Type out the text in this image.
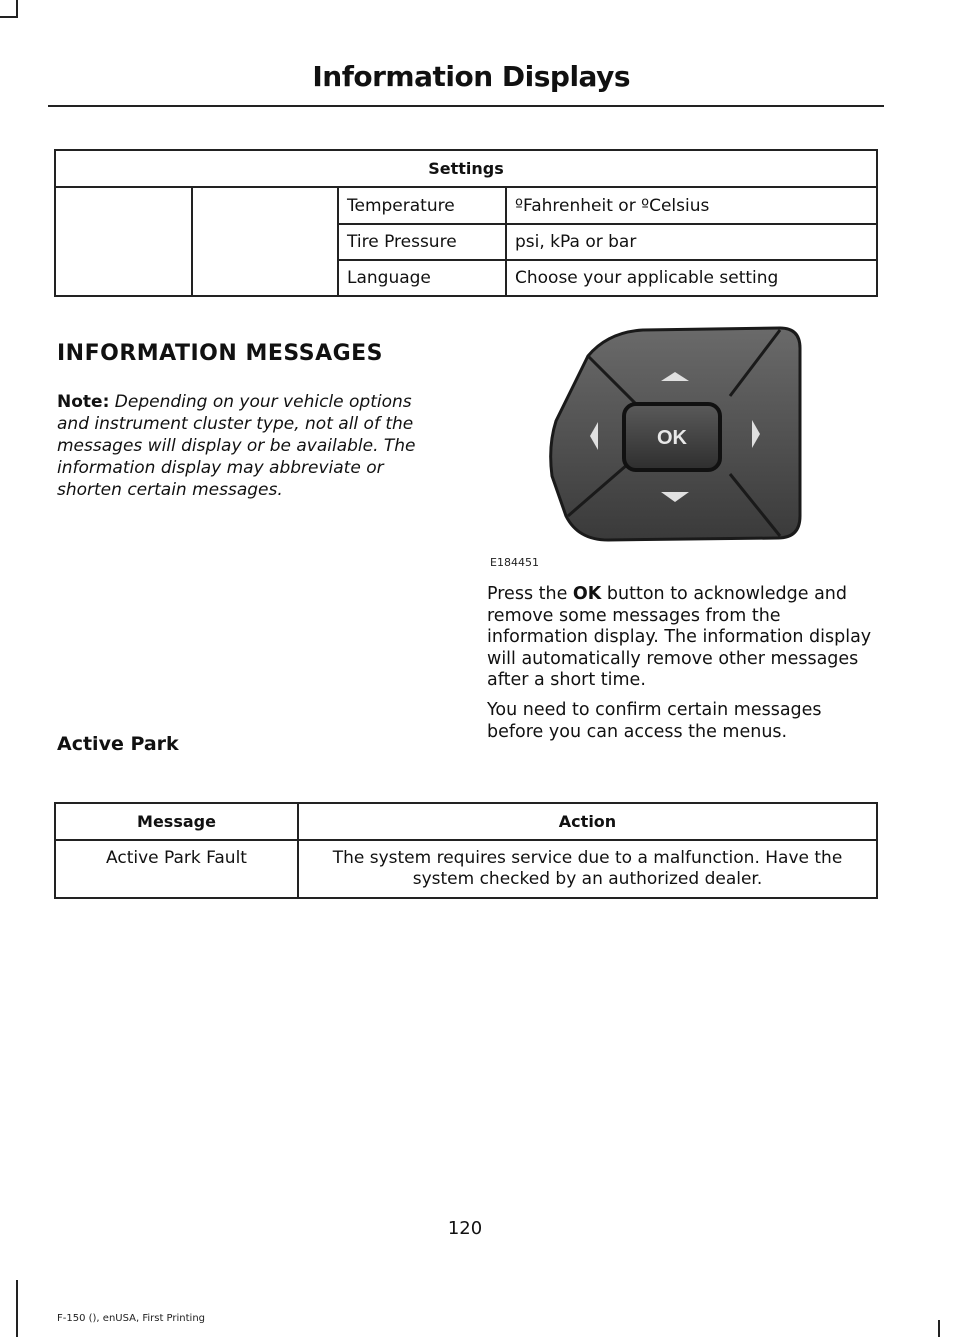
Information Displays
Settings			
		Temperature	ºFahrenheit or ºCelsius
		Tire Pressure	psi, kPa or bar
		Language	Choose your applicable setting
INFORMATION MESSAGES
Note: Depending on your vehicle options and instrument cluster type, not all of the messages will display or be available. The information display may abbreviate or shorten certain messages.
OK
E184451
Press the OK button to acknowledge and remove some messages from the information display. The information display will automatically remove other messages after a short time.
You need to confirm certain messages before you can access the menus.
Active Park
Message	Action
Active Park Fault	The system requires service due to a malfunction. Have the system checked by an authorized dealer.
120
F-150 (), enUSA, First Printing
